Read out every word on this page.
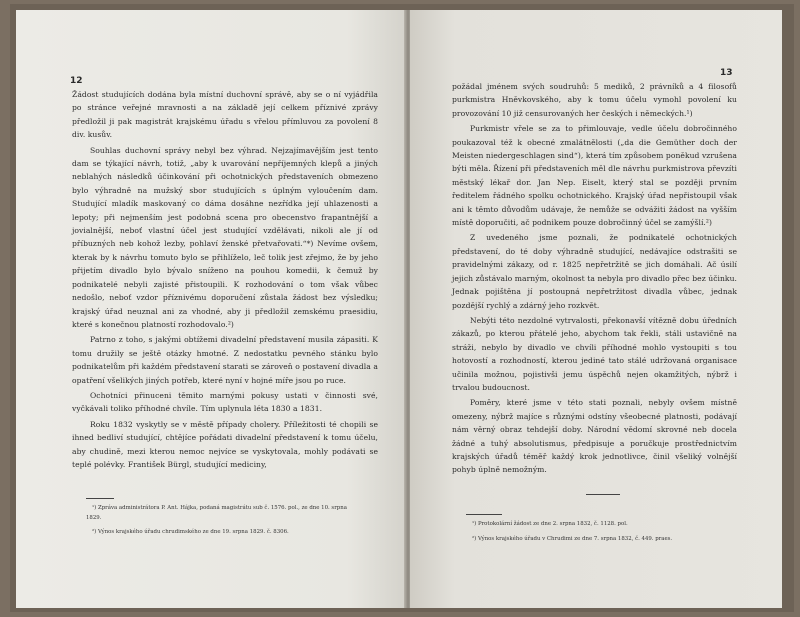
12

Žádost studujících dodána byla místní duchovní správě, aby se o ní vyjádřila po stránce veřejné mravnosti a na základě její celkem příznivé zprávy předložil ji pak magistrát krajskému úřadu s vřelou přímluvou za povolení 8 div. kusův.

Souhlas duchovní správy nebyl bez výhrad. Nejzajímavějším jest tento dam se týkající návrh, totiž, „aby k uvarování nepříjemných klepů a jiných neblahých následků účinkování při ochotnických představeních obmezeno bylo výhradně na mužský sbor studujících s úplným vyloučením dam. Studující mladík maskovaný co dáma dosáhne nezřídka její uhlazenosti a lepoty; při nejmenším jest podobná scena pro obecenstvo frapantnější a jovialnější, neboť vlastní účel jest studující vzdělávati, nikoli ale jí od příbuzných neb kohož lezby, pohlaví ženské přetvařovati.“*) Nevíme ovšem, kterak by k návrhu tomuto bylo se přihlíželo, leč tolik jest zřejmo, že by jeho přijetím divadlo bylo bývalo sníženo na pouhou komedii, k čemuž by podnikatelé nebyli zajisté přistoupili. K rozhodování o tom však vůbec nedošlo, neboť vzdor příznivému doporučení zůstala žádost bez výsledku; krajský úřad neuznal ani za vhodné, aby ji předložil zemskému praesidiu, které s konečnou platností rozhodovalo.²)

Patrno z toho, s jakými obtížemi divadelní představení musila zápasiti. K tomu družily se ještě otázky hmotné. Z nedostatku pevného stánku bylo podnikatelům při každém představení starati se zároveň o postavení divadla a opatření všelikých jiných potřeb, které nyní v hojné míře jsou po ruce.

Ochotníci přinuceni těmito marnými pokusy ustati v činnosti své, vyčkávali toliko příhodné chvíle. Tím uplynula léta 1830 a 1831.

Roku 1832 vyskytly se v městě případy cholery. Příležitosti té chopili se ihned bedliví studující, chtějíce pořádati divadelní představení k tomu účelu, aby chudině, mezi kterou nemoc nejvíce se vyskytovala, mohly podávati se teplé polévky. František Bürgl, studující mediciny,

¹) Zpráva administrátora P. Ant. Hájka, podaná magistrátu sub č. 1576. pol., ze dne 10. srpna 1829.
²) Výnos krajského úřadu chrudimského ze dne 19. srpna 1829. č. 8306.
13

požádal jménem svých soudruhů: 5 mediků, 2 právníků a 4 filosofů purkmistra Hněvkovského, aby k tomu účelu vymohl povolení ku provozování 10 již censurovaných her českých i německých.¹)

Purkmistr vřele se za to přimlouvaje, vedle účelu dobročinného poukazoval též k obecné zmalátnělosti („da die Gemüther doch der Meisten niedergeschlagen sind“), která tím způsobem poněkud vzrušena býti měla. Řízení při představeních měl dle návrhu purkmistrova převzíti městský lékař dor. Jan Nep. Eiselt, který stal se později prvním ředitelem řádného spolku ochotnického. Krajský úřad nepřistoupil však ani k těmto důvodům udávaje, že nemůže se odvážiti žádost na vyšším místě doporučiti, ač podnikem pouze dobročinný účel se zamýšlí.²)

Z uvedeného jsme poznali, že podnikatelé ochotnických představení, do té doby výhradně studující, nedávajíce odstrašiti se pravidelnými zákazy, od r. 1825 nepřetržitě se jich domáhali. Ač úsilí jejich zůstávalo marným, okolnost ta nebyla pro divadlo přec bez účinku. Jednak pojištěna jí postoupná nepřetržitost divadla vůbec, jednak pozdější rychlý a zdárný jeho rozkvět.

Nebýti této nezdolné vytrvalosti, překonavší vítězně dobu úředních zákazů, po kterou přátelé jeho, abychom tak řekli, stáli ustavičně na stráži, nebylo by divadlo ve chvíli příhodné mohlo vystoupiti s tou hotovostí a rozhodností, kterou jediné tato stálé udržovaná organisace učinila možnou, pojistivši jemu úspěchů nejen okamžitých, nýbrž i trvalou budoucnost.

Poměry, které jsme v této stati poznali, nebyly ovšem místně omezeny, nýbrž majíce s různými odstíny všeobecné platnosti, podávají nám věrný obraz tehdejší doby. Národní vědomí skrovné neb docela žádné a tuhý absolutismus, předpisuje a poručkuje prostřednictvím krajských úřadů téměř každý krok jednotlivce, činil všeliký volnější pohyb úplně nemožným.

¹) Protokolární žádost ze dne 2. srpna 1832, č. 1128. pol.
²) Výnos krajského úřadu v Chrudimi ze dne 7. srpna 1832, č. 449. praes.
